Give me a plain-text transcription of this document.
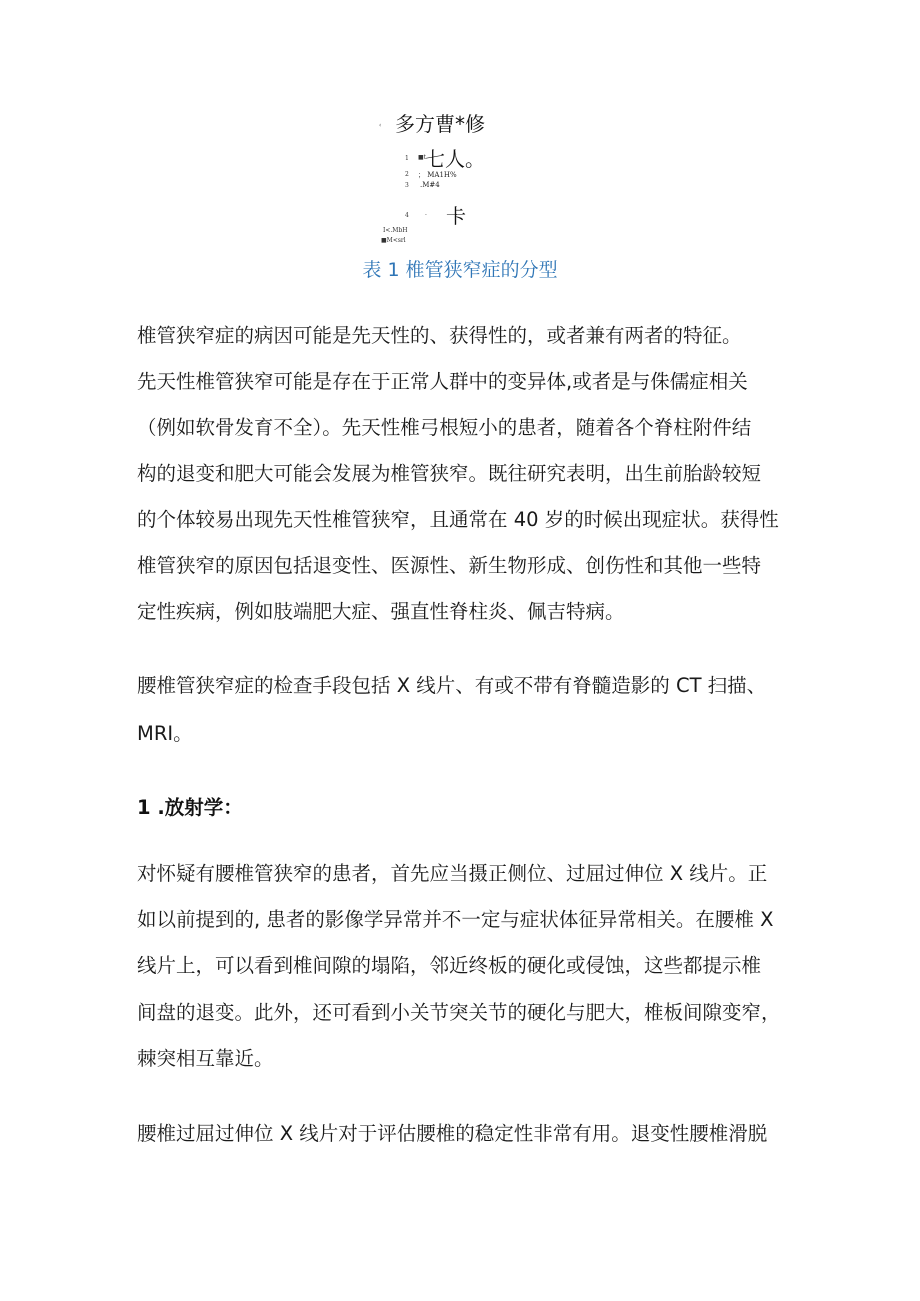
‹ 多方曹*修
1 ■t
七人。
2 ； MA1H%
3 .M#4
4	. 卡
I<.MbH
■M<srl
表 1 椎管狭窄症的分型
椎管狭窄症的病因可能是先天性的、获得性的，或者兼有两者的特征。
先天性椎管狭窄可能是存在于正常人群中的变异体,或者是与侏儒症相关
（例如软骨发育不全）。先天性椎弓根短小的患者，随着各个脊柱附件结
构的退变和肥大可能会发展为椎管狭窄。既往研究表明，出生前胎龄较短
的个体较易出现先天性椎管狭窄，且通常在 40 岁的时候出现症状。获得性
椎管狭窄的原因包括退变性、医源性、新生物形成、创伤性和其他一些特
定性疾病，例如肢端肥大症、强直性脊柱炎、佩吉特病。
腰椎管狭窄症的检查手段包括 X 线片、有或不带有脊髓造影的 CT 扫描、
MRI。
1 .放射学：
对怀疑有腰椎管狭窄的患者，首先应当摄正侧位、过屈过伸位 X 线片。正
如以前提到的, 患者的影像学异常并不一定与症状体征异常相关。在腰椎 X
线片上，可以看到椎间隙的塌陷，邻近终板的硬化或侵蚀，这些都提示椎
间盘的退变。此外，还可看到小关节突关节的硬化与肥大，椎板间隙变窄，
棘突相互靠近。
腰椎过屈过伸位 X 线片对于评估腰椎的稳定性非常有用。退变性腰椎滑脱
